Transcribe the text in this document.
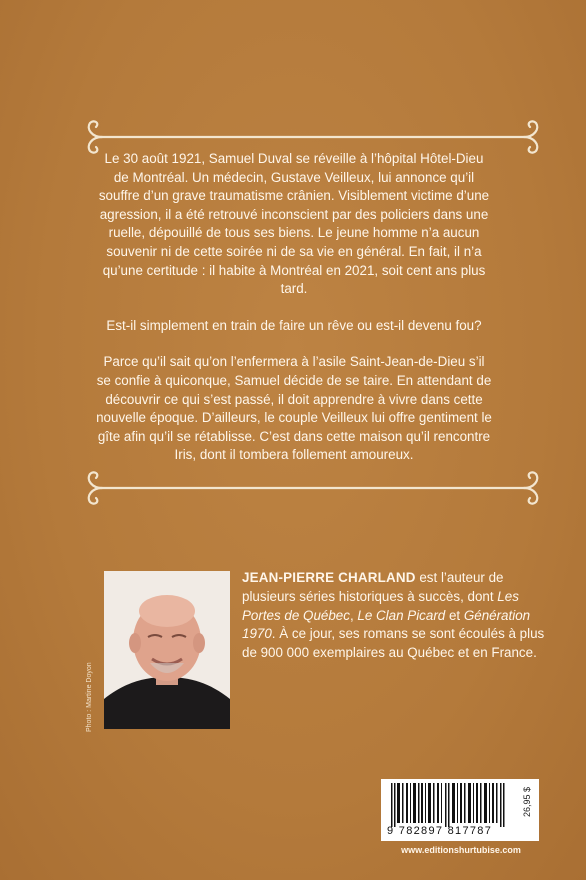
Le 30 août 1921, Samuel Duval se réveille à l’hôpital Hôtel-Dieu de Montréal. Un médecin, Gustave Veilleux, lui annonce qu’il souffre d’un grave traumatisme crânien. Visiblement victime d’une agression, il a été retrouvé inconscient par des policiers dans une ruelle, dépouillé de tous ses biens. Le jeune homme n’a aucun souvenir ni de cette soirée ni de sa vie en général. En fait, il n’a qu’une certitude : il habite à Montréal en 2021, soit cent ans plus tard.

Est-il simplement en train de faire un rêve ou est-il devenu fou?

Parce qu’il sait qu’on l’enfermera à l’asile Saint-Jean-de-Dieu s’il se confie à quiconque, Samuel décide de se taire. En attendant de découvrir ce qui s’est passé, il doit apprendre à vivre dans cette nouvelle époque. D’ailleurs, le couple Veilleux lui offre gentiment le gîte afin qu’il se rétablisse. C’est dans cette maison qu’il rencontre Iris, dont il tombera follement amoureux.

Photo : Martine Doyon
JEAN-PIERRE CHARLAND est l’auteur de plusieurs séries historiques à succès, dont Les Portes de Québec, Le Clan Picard et Génération 1970. À ce jour, ses romans se sont écoulés à plus de 900 000 exemplaires au Québec et en France.
9 782897 817787
26,95 $
www.editionshurtubise.com
